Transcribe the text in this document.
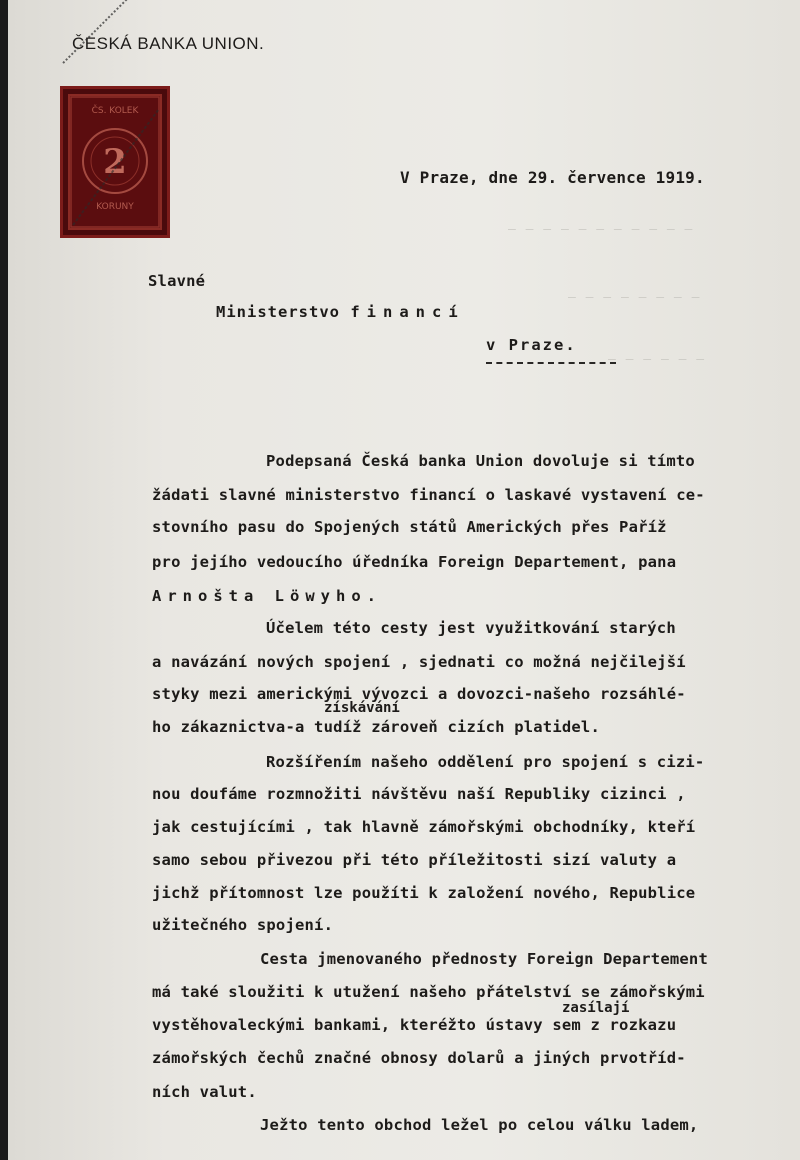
— — — — — — — — — — —
— — — — — — — —
— — — — — —
ČESKÁ BANKA UNION.
ČS. KOLEK
2
KORUNY
V Praze, dne 29. července 1919.
Slavné
Ministerstvo financí
v Praze.
Podepsaná Česká banka Union dovoluje si tímto
žádati slavné ministerstvo financí o laskavé vystavení ce-
stovního pasu do Spojených států Amerických přes Paříž
pro jejího vedoucího úředníka Foreign Departement, pana
Arnošta Löwyho.
Účelem této cesty jest využitkování starých
a navázání nových spojení , sjednati co možná nejčilejší
styky mezi americkými vývozci a dovozci-našeho rozsáhlé-
získávání
ho zákaznictva-a tudíž zároveň cizích platidel.
Rozšířením našeho oddělení pro spojení s cizi-
nou doufáme rozmnožiti návštěvu naší Republiky cizinci ,
jak cestujícími , tak hlavně zámořskými obchodníky, kteří
samo sebou přivezou při této příležitosti sizí valuty a
jichž přítomnost lze použíti k založení nového, Republice
užitečného spojení.
Cesta jmenovaného přednosty Foreign Departement
má také sloužiti k utužení našeho přátelství se zámořskými
zasílají
vystěhovaleckými bankami, kteréžto ústavy sem z rozkazu
zámořských čechů značné obnosy dolarů a jiných prvotříd-
ních valut.
Ježto tento obchod ležel po celou válku ladem,
